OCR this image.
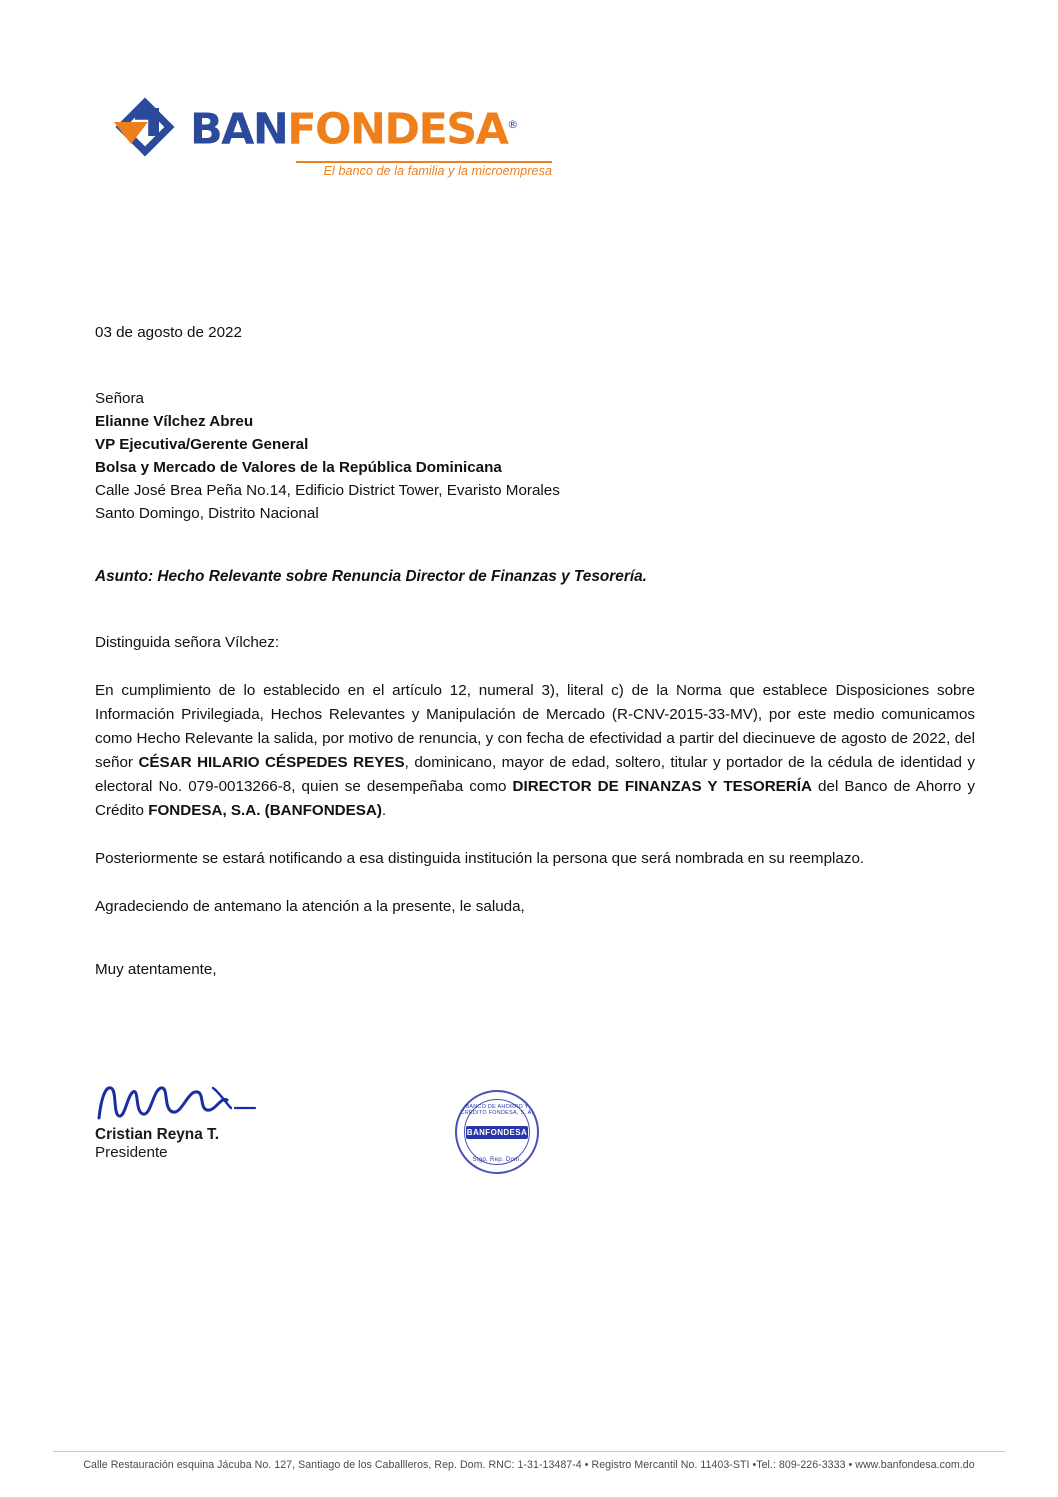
BANFONDESA®
El banco de la familia y la microempresa
03 de agosto de 2022
Señora
Elianne Vílchez Abreu
VP Ejecutiva/Gerente General
Bolsa y Mercado de Valores de la República Dominicana
Calle José Brea Peña No.14, Edificio District Tower, Evaristo Morales
Santo Domingo, Distrito Nacional
Asunto: Hecho Relevante sobre Renuncia Director de Finanzas y Tesorería.
Distinguida señora Vílchez:

En cumplimiento de lo establecido en el artículo 12, numeral 3), literal c) de la Norma que establece Disposiciones sobre Información Privilegiada, Hechos Relevantes y Manipulación de Mercado (R-CNV-2015-33-MV), por este medio comunicamos como Hecho Relevante la salida, por motivo de renuncia, y con fecha de efectividad a partir del diecinueve de agosto de 2022, del señor CÉSAR HILARIO CÉSPEDES REYES, dominicano, mayor de edad, soltero, titular y portador de la cédula de identidad y electoral No. 079-0013266-8, quien se desempeñaba como DIRECTOR DE FINANZAS Y TESORERÍA del Banco de Ahorro y Crédito FONDESA, S.A. (BANFONDESA).

Posteriormente se estará notificando a esa distinguida institución la persona que será nombrada en su reemplazo.

Agradeciendo de antemano la atención a la presente, le saluda,

Muy atentamente,
Cristian Reyna T.
Presidente
BANCO DE AHORRO Y CRÉDITO FONDESA, S. A.
BANFONDESA
Stgo. Rep. Dom.
Calle Restauración esquina Jácuba No. 127, Santiago de los Caballleros, Rep. Dom. RNC: 1-31-13487-4 • Registro Mercantil No. 11403-STI •Tel.: 809-226-3333 • www.banfondesa.com.do
